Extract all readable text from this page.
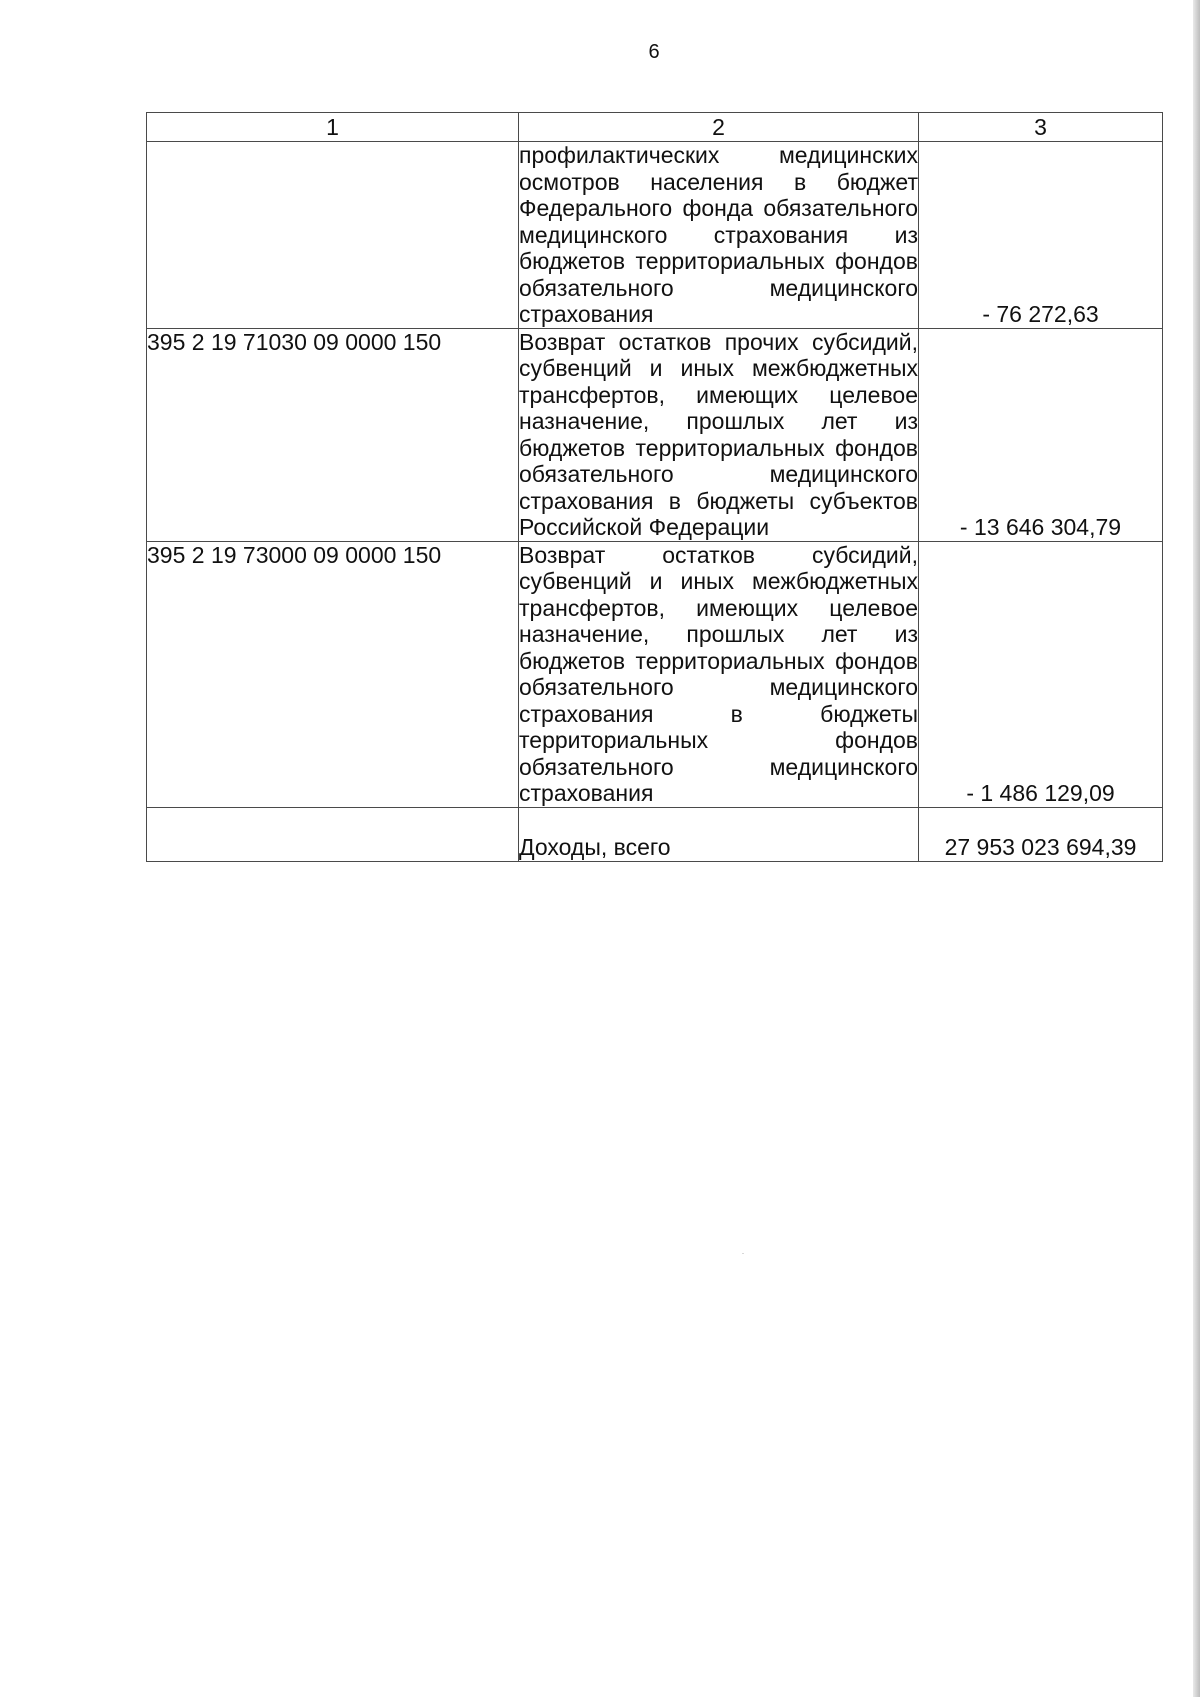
6
1	2	3
	профилактических медицинских осмотров населения в бюджет Федерального фонда обязательного медицинского страхования из бюджетов территориальных фондов обязательного медицинского страхования	- 76 272,63
395 2 19 71030 09 0000 150	Возврат остатков прочих субсидий, субвенций и иных межбюджетных трансфертов, имеющих целевое назначение, прошлых лет из бюджетов территориальных фондов обязательного медицинского страхования в бюджеты субъектов Российской Федерации	- 13 646 304,79
395 2 19 73000 09 0000 150	Возврат остатков субсидий, субвенций и иных межбюджетных трансфертов, имеющих целевое назначение, прошлых лет из бюджетов территориальных фондов обязательного медицинского страхования в бюджеты территориальных фондов обязательного медицинского страхования	- 1 486 129,09
	Доходы, всего	27 953 023 694,39
